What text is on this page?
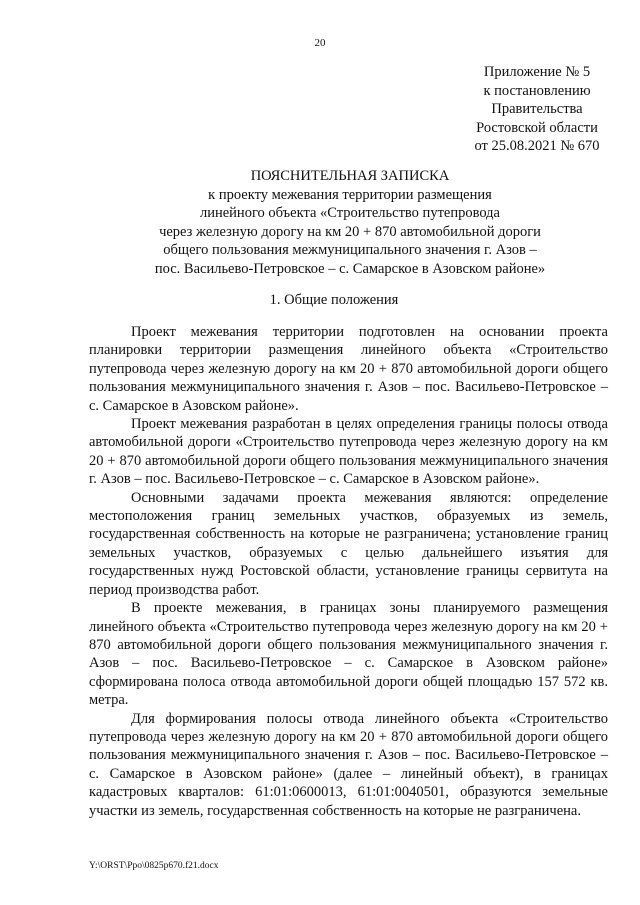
20
Приложение № 5
к постановлению
Правительства
Ростовской области
от 25.08.2021 № 670
ПОЯСНИТЕЛЬНАЯ ЗАПИСКА
к проекту межевания территории размещения
линейного объекта «Строительство путепровода
через железную дорогу на км 20 + 870 автомобильной дороги
общего пользования межмуниципального значения г. Азов –
пос. Васильево-Петровское – с. Самарское в Азовском районе»
1. Общие положения

Проект межевания территории подготовлен на основании проекта планировки территории размещения линейного объекта «Строительство путепровода через железную дорогу на км 20 + 870 автомобильной дороги общего пользования межмуниципального значения г. Азов – пос. Васильево-Петровское – с. Самарское в Азовском районе».

Проект межевания разработан в целях определения границы полосы отвода автомобильной дороги «Строительство путепровода через железную дорогу на км 20 + 870 автомобильной дороги общего пользования межмуниципального значения г. Азов – пос. Васильево-Петровское – с. Самарское в Азовском районе».

Основными задачами проекта межевания являются: определение местоположения границ земельных участков, образуемых из земель, государственная собственность на которые не разграничена; установление границ земельных участков, образуемых с целью дальнейшего изъятия для государственных нужд Ростовской области, установление границы сервитута на период производства работ.

В проекте межевания, в границах зоны планируемого размещения линейного объекта «Строительство путепровода через железную дорогу на км 20 + 870 автомобильной дороги общего пользования межмуниципального значения г. Азов – пос. Васильево-Петровское – с. Самарское в Азовском районе» сформирована полоса отвода автомобильной дороги общей площадью 157 572 кв. метра.

Для формирования полосы отвода линейного объекта «Строительство путепровода через железную дорогу на км 20 + 870 автомобильной дороги общего пользования межмуниципального значения г. Азов – пос. Васильево-Петровское – с. Самарское в Азовском районе» (далее – линейный объект), в границах кадастровых кварталов: 61:01:0600013, 61:01:0040501, образуются земельные участки из земель, государственная собственность на которые не разграничена.

Y:\ORST\Ppo\0825p670.f21.docx
